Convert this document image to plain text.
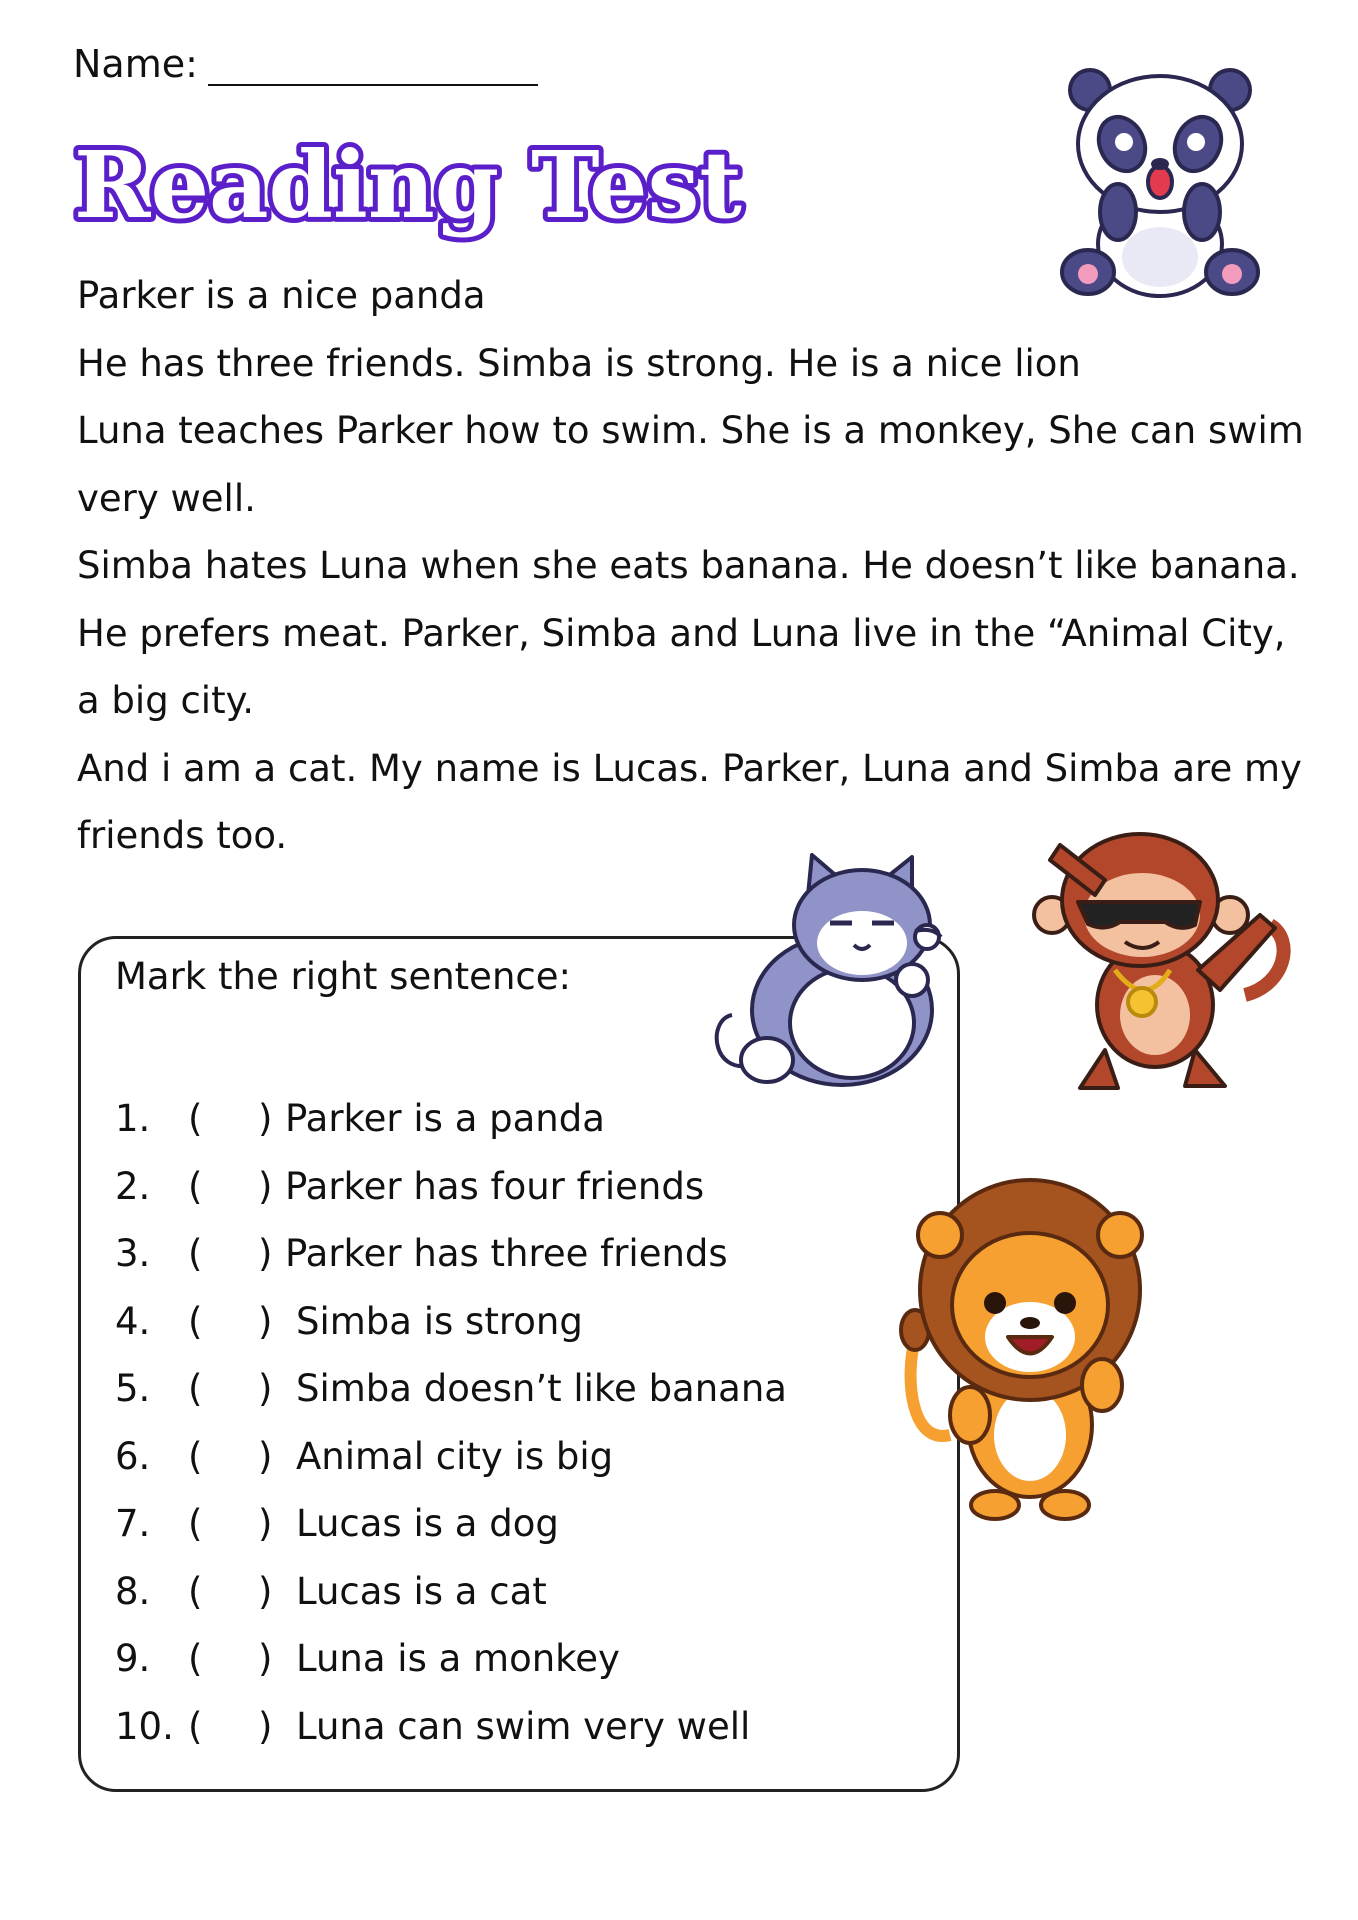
Name:
Reading Test

Parker is a nice panda

He has three friends. Simba is strong. He is a nice lion

Luna teaches Parker how to swim. She is a monkey, She can swim very well.

Simba hates Luna when she eats banana. He doesn’t like banana. He prefers meat. Parker, Simba and Luna live in the “Animal City, a big city.

And i am a cat. My name is Lucas. Parker, Luna and Simba are my friends too.

Mark the right sentence:
1. ( ) Parker is a panda
2. ( ) Parker has four friends
3. ( ) Parker has three friends
4. ( ) Simba is strong
5. ( ) Simba doesn’t like banana
6. ( ) Animal city is big
7. ( ) Lucas is a dog
8. ( ) Lucas is a cat
9. ( ) Luna is a monkey
10. ( ) Luna can swim very well
